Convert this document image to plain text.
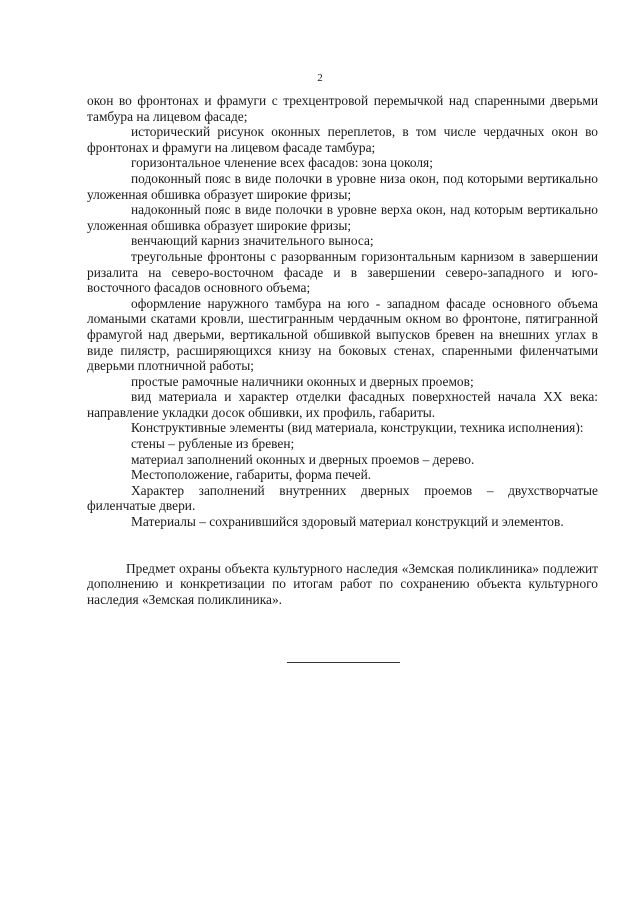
2

окон во фронтонах и фрамуги с трехцентровой перемычкой над спаренными дверьми тамбура на лицевом фасаде;

исторический рисунок оконных переплетов, в том числе чердачных окон во фронтонах и фрамуги на лицевом фасаде тамбура;

горизонтальное членение всех фасадов: зона цоколя;

подоконный пояс в виде полочки в уровне низа окон, под которыми вертикально уложенная обшивка образует широкие фризы;

надоконный пояс в виде полочки в уровне верха окон, над которым вертикально уложенная обшивка образует широкие фризы;

венчающий карниз значительного выноса;

треугольные фронтоны с разорванным горизонтальным карнизом в завершении ризалита на северо-восточном фасаде и в завершении северо-западного и юго-восточного фасадов основного объема;

оформление наружного тамбура на юго - западном фасаде основного объема ломаными скатами кровли, шестигранным чердачным окном во фронтоне, пятигранной фрамугой над дверьми, вертикальной обшивкой выпусков бревен на внешних углах в виде пилястр, расширяющихся книзу на боковых стенах, спаренными филенчатыми дверьми плотничной работы;

простые рамочные наличники оконных и дверных проемов;

вид материала и характер отделки фасадных поверхностей начала XX века: направление укладки досок обшивки, их профиль, габариты.

Конструктивные элементы (вид материала, конструкции, техника исполнения):

стены – рубленые из бревен;

материал заполнений оконных и дверных проемов – дерево.

Местоположение, габариты, форма печей.

Характер заполнений внутренних дверных проемов – двухстворчатые филенчатые двери.

Материалы – сохранившийся здоровый материал конструкций и элементов.

Предмет охраны объекта культурного наследия «Земская поликлиника» подлежит дополнению и конкретизации по итогам работ по сохранению объекта культурного наследия «Земская поликлиника».
